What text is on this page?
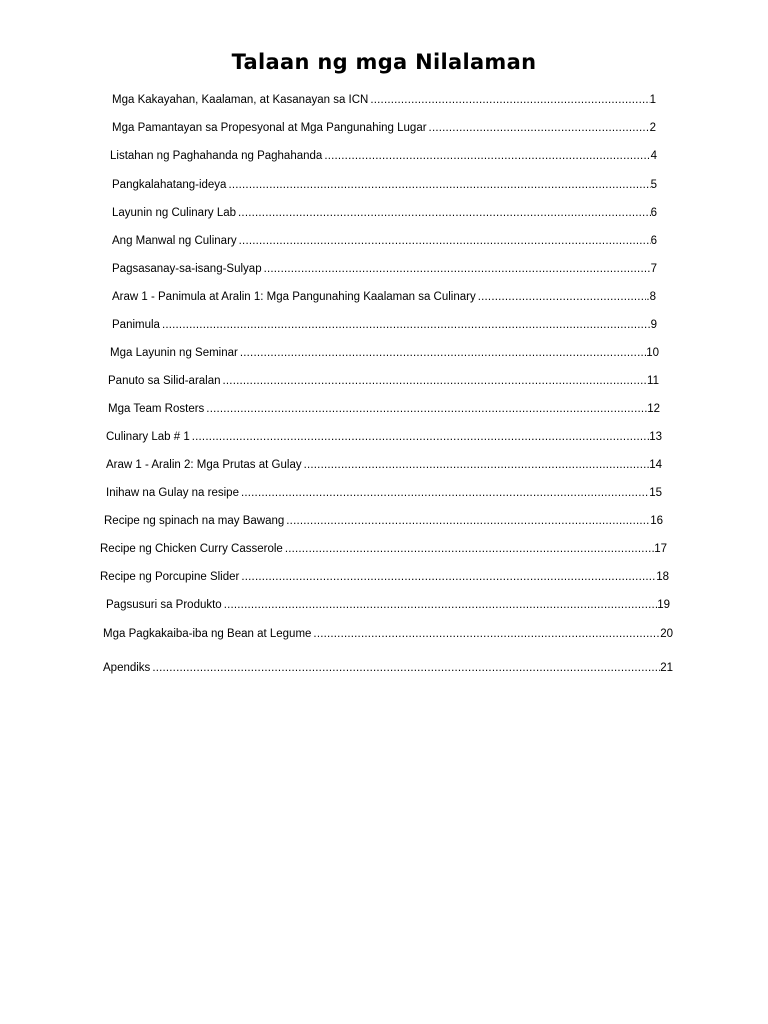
Talaan ng mga Nilalaman
Mga Kakayahan, Kaalaman, at Kasanayan sa ICN .....	1
Mga Pamantayan sa Propesyonal at Mga Pangunahing Lugar .....	2
Listahan ng Paghahanda ng Paghahanda .....	4
Pangkalahatang-ideya .....	5
Layunin ng Culinary Lab .....	6
Ang Manwal ng Culinary .....	6
Pagsasanay-sa-isang-Sulyap .....	7
Araw 1 - Panimula at Aralin 1: Mga Pangunahing Kaalaman sa Culinary .....	.8
Panimula .....	9
Mga Layunin ng Seminar .....	10
Panuto sa Silid-aralan .....	11
Mga Team Rosters .....	12
Culinary Lab # 1 .....	13
Araw 1 - Aralin 2: Mga Prutas at Gulay .....	14
Inihaw na Gulay na resipe .....	15
Recipe ng spinach na may Bawang .....	16
Recipe ng Chicken Curry Casserole .....	17
Recipe ng Porcupine Slider .....	18
Pagsusuri sa Produkto .....	19
Mga Pagkakaiba-iba ng Bean at Legume .....	20
Apendiks .....	21
